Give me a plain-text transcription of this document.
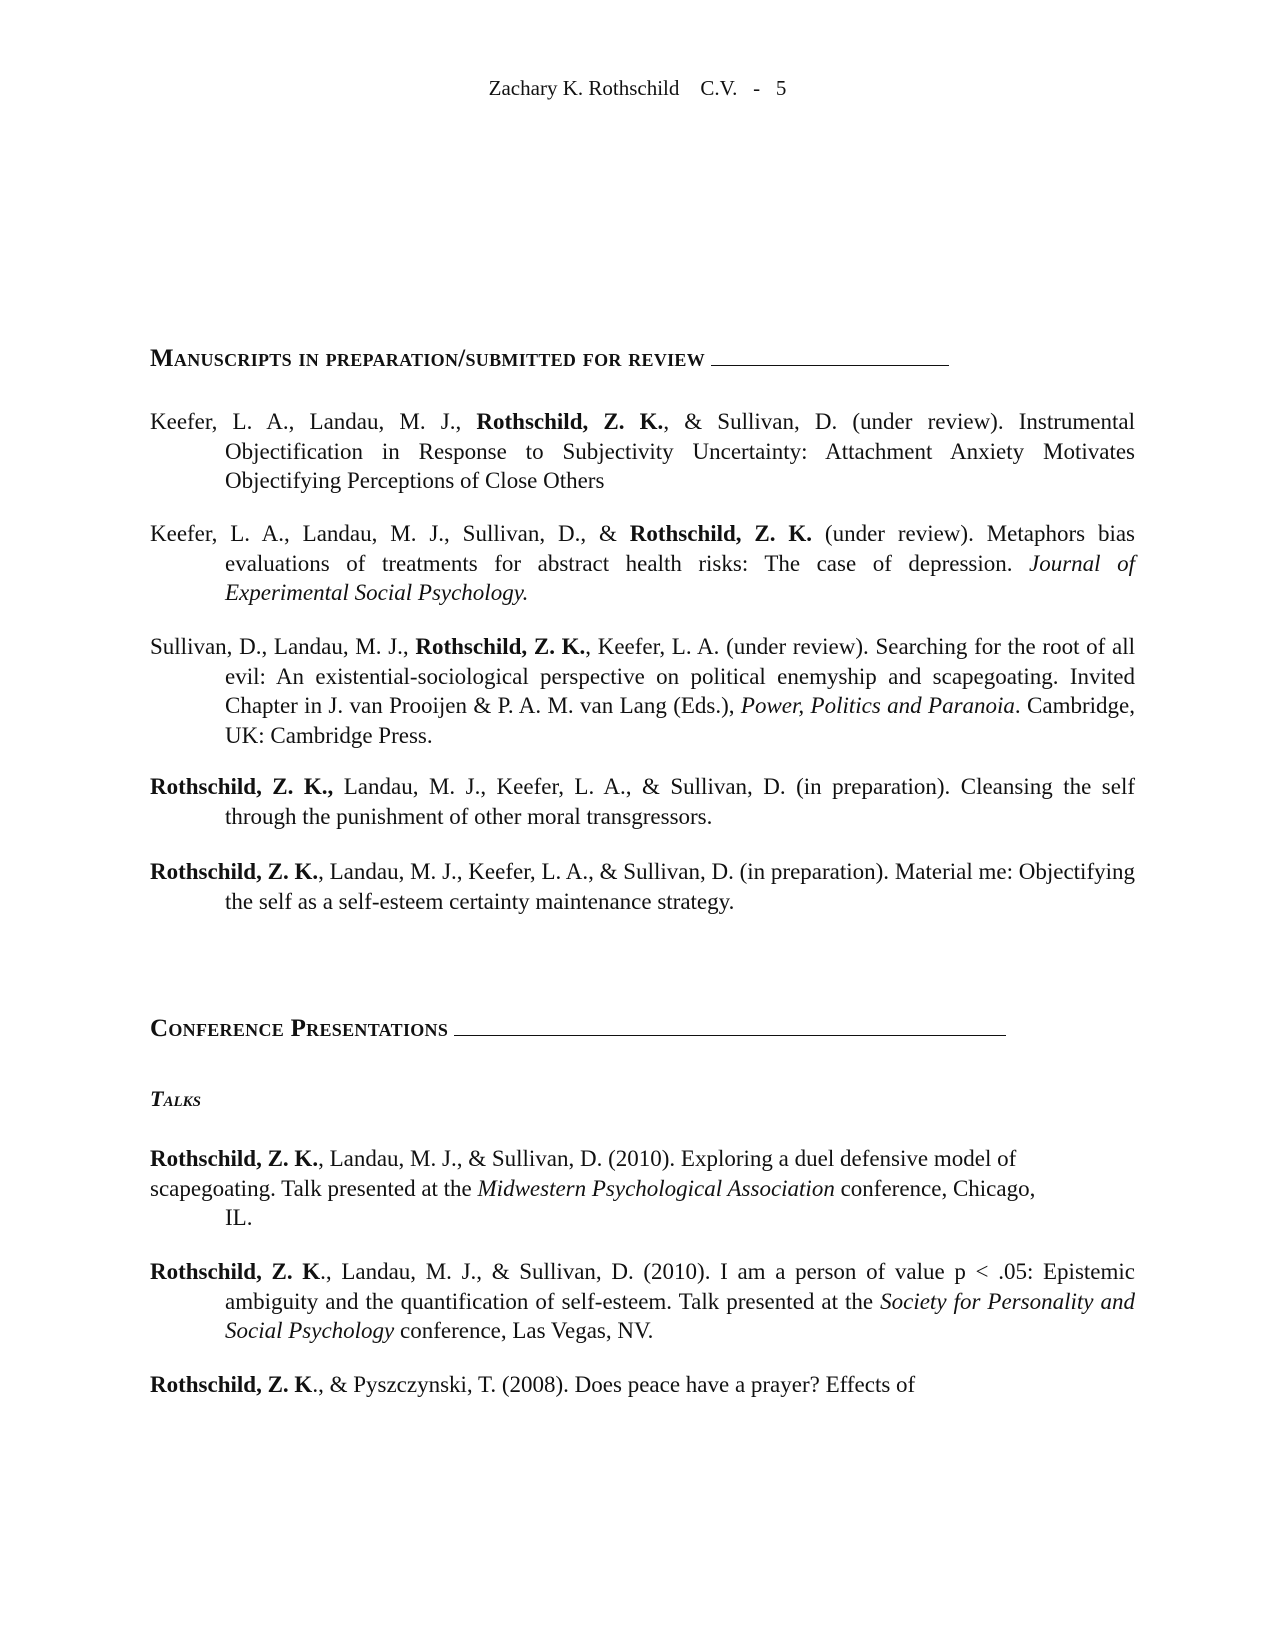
Zachary K. Rothschild    C.V.   -   5
Manuscripts in preparation/submitted for review
Keefer, L. A., Landau, M. J., Rothschild, Z. K., & Sullivan, D. (under review). Instrumental Objectification in Response to Subjectivity Uncertainty: Attachment Anxiety Motivates Objectifying Perceptions of Close Others
Keefer, L. A., Landau, M. J., Sullivan, D., & Rothschild, Z. K. (under review). Metaphors bias evaluations of treatments for abstract health risks: The case of depression. Journal of Experimental Social Psychology.
Sullivan, D., Landau, M. J., Rothschild, Z. K., Keefer, L. A. (under review). Searching for the root of all evil: An existential-sociological perspective on political enemyship and scapegoating. Invited Chapter in J. van Prooijen & P. A. M. van Lang (Eds.), Power, Politics and Paranoia. Cambridge, UK: Cambridge Press.
Rothschild, Z. K., Landau, M. J., Keefer, L. A., & Sullivan, D. (in preparation). Cleansing the self through the punishment of other moral transgressors.
Rothschild, Z. K., Landau, M. J., Keefer, L. A., & Sullivan, D. (in preparation). Material me: Objectifying the self as a self-esteem certainty maintenance strategy.
Conference Presentations
Talks
Rothschild, Z. K., Landau, M. J., & Sullivan, D. (2010). Exploring a duel defensive model of
scapegoating. Talk presented at the Midwestern Psychological Association conference, Chicago,
IL.
Rothschild, Z. K., Landau, M. J., & Sullivan, D. (2010). I am a person of value p < .05: Epistemic ambiguity and the quantification of self-esteem. Talk presented at the Society for Personality and Social Psychology conference, Las Vegas, NV.
Rothschild, Z. K., & Pyszczynski, T. (2008). Does peace have a prayer? Effects of
